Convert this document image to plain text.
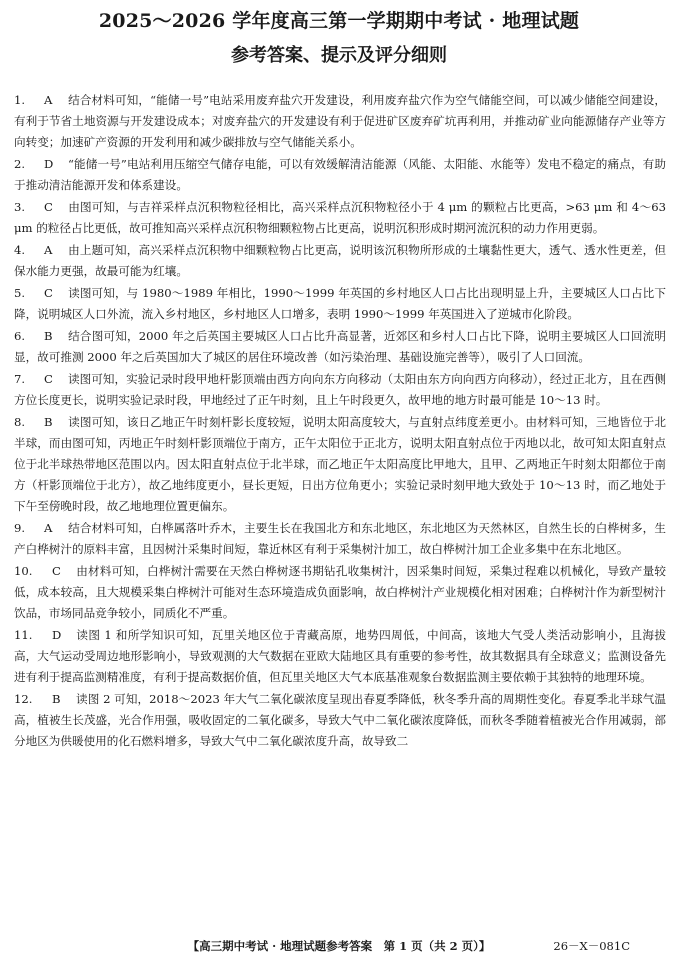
2025～2026 学年度高三第一学期期中考试 · 地理试题
参考答案、提示及评分细则
1. A 结合材料可知，“能储一号”电站采用废弃盐穴开发建设，利用废弃盐穴作为空气储能空间，可以减少储能空间建设，有利于节省土地资源与开发建设成本；对废弃盐穴的开发建设有利于促进矿区废弃矿坑再利用，并推动矿业向能源储存产业等方向转变；加速矿产资源的开发利用和减少碳排放与空气储能关系小。
2. D “能储一号”电站利用压缩空气储存电能，可以有效缓解清洁能源（风能、太阳能、水能等）发电不稳定的痛点，有助于推动清洁能源开发和体系建设。
3. C 由图可知，与吉祥采样点沉积物粒径相比，高兴采样点沉积物粒径小于 4 μm 的颗粒占比更高，>63 μm 和 4～63 μm 的粒径占比更低，故可推知高兴采样点沉积物细颗粒物占比更高，说明沉积形成时期河流沉积的动力作用更弱。
4. A 由上题可知，高兴采样点沉积物中细颗粒物占比更高，说明该沉积物所形成的土壤黏性更大，透气、透水性更差，但保水能力更强，故最可能为红壤。
5. C 读图可知，与 1980～1989 年相比，1990～1999 年英国的乡村地区人口占比出现明显上升，主要城区人口占比下降，说明城区人口外流，流入乡村地区，乡村地区人口增多，表明 1990～1999 年英国进入了逆城市化阶段。
6. B 结合图可知，2000 年之后英国主要城区人口占比升高显著，近郊区和乡村人口占比下降，说明主要城区人口回流明显，故可推测 2000 年之后英国加大了城区的居住环境改善（如污染治理、基础设施完善等），吸引了人口回流。
7. C 读图可知，实验记录时段甲地杆影顶端由西方向向东方向移动（太阳由东方向向西方向移动），经过正北方，且在西侧方位长度更长，说明实验记录时段，甲地经过了正午时刻，且上午时段更久，故甲地的地方时最可能是 10～13 时。
8. B 读图可知，该日乙地正午时刻杆影长度较短，说明太阳高度较大，与直射点纬度差更小。由材料可知，三地皆位于北半球，而由图可知，丙地正午时刻杆影顶端位于南方，正午太阳位于正北方，说明太阳直射点位于丙地以北，故可知太阳直射点位于北半球热带地区范围以内。因太阳直射点位于北半球，而乙地正午太阳高度比甲地大，且甲、乙两地正午时刻太阳都位于南方（杆影顶端位于北方），故乙地纬度更小，昼长更短，日出方位角更小；实验记录时刻甲地大致处于 10～13 时，而乙地处于下午至傍晚时段，故乙地地理位置更偏东。
9. A 结合材料可知，白桦属落叶乔木，主要生长在我国北方和东北地区，东北地区为天然林区，自然生长的白桦树多，生产白桦树汁的原料丰富，且因树汁采集时间短，靠近林区有利于采集树汁加工，故白桦树汁加工企业多集中在东北地区。
10. C 由材料可知，白桦树汁需要在天然白桦树逐书期钻孔收集树汁，因采集时间短，采集过程难以机械化，导致产量较低，成本较高，且大规模采集白桦树汁可能对生态环境造成负面影响，故白桦树汁产业规模化相对困难；白桦树汁作为新型树汁饮品，市场同品竞争较小，同质化不严重。
11. D 读图 1 和所学知识可知，瓦里关地区位于青藏高原，地势四周低，中间高，该地大气受人类活动影响小，且海拔高，大气运动受周边地形影响小，导致观测的大气数据在亚欧大陆地区具有重要的参考性，故其数据具有全球意义；监测设备先进有利于提高监测精准度，有利于提高数据价值，但瓦里关地区大气本底基准观象台数据监测主要依赖于其独特的地理环境。
12. B 读图 2 可知，2018～2023 年大气二氧化碳浓度呈现出春夏季降低，秋冬季升高的周期性变化。春夏季北半球气温高，植被生长茂盛，光合作用强，吸收固定的二氧化碳多，导致大气中二氧化碳浓度降低，而秋冬季随着植被光合作用减弱，部分地区为供暖使用的化石燃料增多，导致大气中二氧化碳浓度升高，故导致二
【高三期中考试 · 地理试题参考答案　第 1 页（共 2 页）】	26－X－081C
